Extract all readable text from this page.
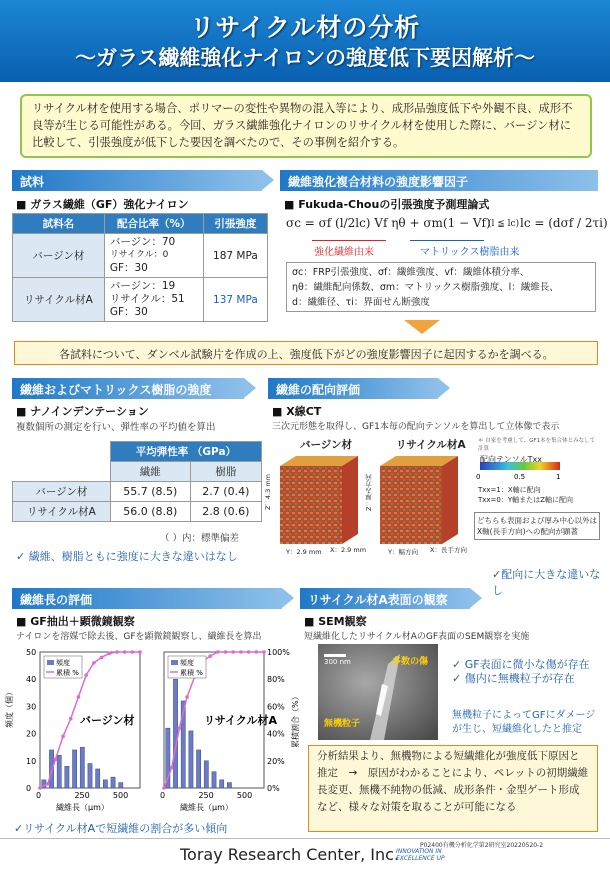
リサイクル材の分析
〜ガラス繊維強化ナイロンの強度低下要因解析〜
リサイクル材を使用する場合、ポリマーの変性や異物の混入等により、成形品強度低下や外観不良、成形不良等が生じる可能性がある。今回、ガラス繊維強化ナイロンのリサイクル材を使用した際に、バージン材に比較して、引張強度が低下した要因を調べたので、その事例を紹介する。
試料
■ ガラス繊維（GF）強化ナイロン
試料名	配合比率（%）	引張強度
バージン材	バージン：70
リサイクル：0
GF：30	187 MPa
リサイクル材A	バージン：19
リサイクル：51
GF：30	137 MPa
繊維強化複合材料の強度影響因子
■ Fukuda-Chouの引張強度予測理論式
σc = σf (l/2lc) Vf ηθ + σm(1 − Vf)
(l ≦ lc) lc = (dσf / 2τi)
強化繊維由来	マトリックス樹脂由来
σc：FRP引張強度、σf：繊維強度、vf：繊維体積分率、
ηθ：繊維配向係数、σm：マトリックス樹脂強度、l：繊維長、
d：繊維径、τi：界面せん断強度
各試料について、ダンベル試験片を作成の上、強度低下がどの強度影響因子に起因するかを調べる。
繊維およびマトリックス樹脂の強度
■ ナノインデンテーション
複数個所の測定を行い、弾性率の平均値を算出
	平均弾性率 （GPa）	
	繊維	樹脂
バージン材	55.7 (8.5)	2.7 (0.4)
リサイクル材A	56.0 (8.8)	2.8 (0.6)
（ ）内：標準偏差
✓ 繊維、樹脂ともに強度に大きな違いはなし
繊維の配向評価
■ X線CT
三次元形態を取得し、GF1本毎の配向テンソルを算出して立体像で表示
バージン材	リサイクル材A ＊ 自家を考慮して、GF1本を集合体とみなして計算
0	0.5	1
配向テンソルTxx
Txx=1：X軸に配向
Txx=0：Y軸またはZ軸に配向
Z：4.3 mm
Y：2.9 mm X：2.9 mm
Z：厚み方向
Y：幅方向 X：長手方向
どちらも表面および厚み中心以外はX軸(長手方向)への配向が顕著
✓配向に大きな違いなし
繊維長の評価
■ GF抽出＋顕微鏡観察
ナイロンを溶媒で除去後、GFを顕微鏡観察し、繊維長を算出
0	250	500
繊維長（μm）
バージン材
頻度
累積 %
0
10
20
30
40
50
頻度（個）
0	250	500
繊維長（μm）
リサイクル材A
頻度
累積 %
0%
20%
40%
60%
80%
100%
累積割合（%）
✓リサイクル材Aで短繊維の割合が多い傾向
リサイクル材A表面の観察
■ SEM観察
短繊維化したリサイクル材AのGF表面のSEM観察を実施
300 nm	多数の傷
無機粒子
✓ GF表面に微小な傷が存在
✓ 傷内に無機粒子が存在
無機粒子によってGFにダメージが生じ、短繊維化したと推定
分析結果より、無機物による短繊維化が強度低下原因と推定　→　原因がわかることにより、ペレットの初期繊維長変更、無機不純物の低減、成形条件・金型ゲート形成など、様々な対策を取ることが可能になる
P02400有機分析化学第2研究室20220520-2
Toray Research Center, Inc.
INNOVATION IN EXCELLENCE UP
